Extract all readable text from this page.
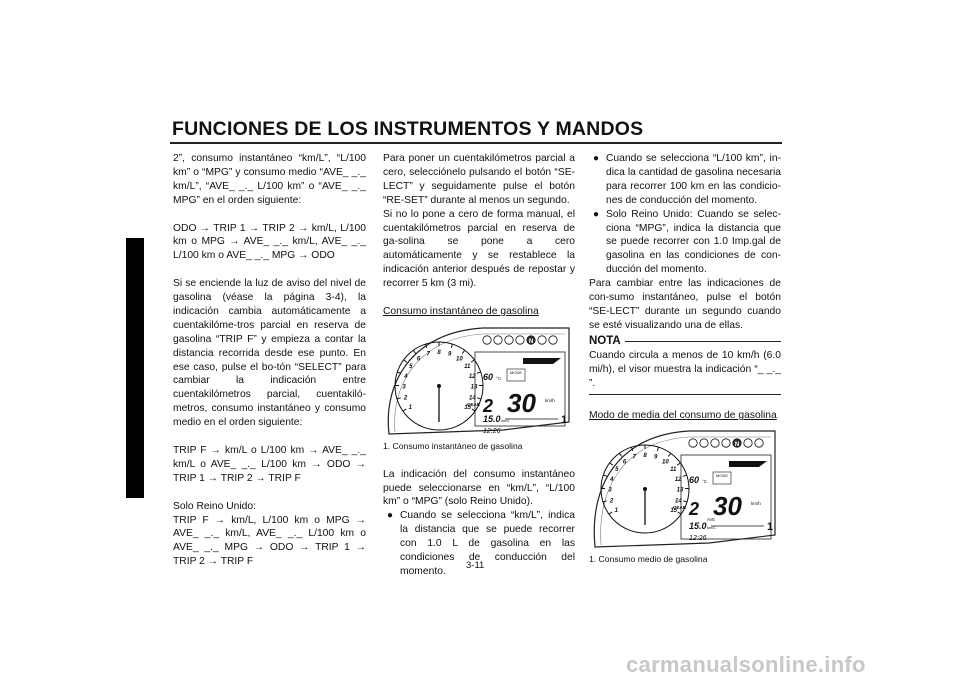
FUNCIONES DE LOS INSTRUMENTOS Y MANDOS
3

2”, consumo instantáneo “km/L”, “L/100 km” o “MPG” y consumo medio “AVE_ _._ km/L”, “AVE_ _._ L/100 km” o “AVE_ _._ MPG” en el orden siguiente:

ODO → TRIP 1 → TRIP 2 → km/L, L/100 km o MPG → AVE_ _._ km/L, AVE_ _._ L/100 km o AVE_ _._ MPG → ODO

Si se enciende la luz de aviso del nivel de gasolina (véase la página 3-4), la indicación cambia automáticamente a cuentakilóme-tros parcial en reserva de gasolina “TRIP F” y empieza a contar la distancia recorrida desde ese punto. En ese caso, pulse el bo-tón “SELECT” para cambiar la indicación entre cuentakilómetros parcial, cuentakiló-metros, consumo instantáneo y consumo medio en el orden siguiente:

TRIP F → km/L o L/100 km → AVE_ _._ km/L o AVE_ _._ L/100 km → ODO → TRIP 1 → TRIP 2 → TRIP F

Solo Reino Unido:

TRIP F → km/L, L/100 km o MPG → AVE_ _._ km/L, AVE_ _._ L/100 km o AVE_ _._ MPG → ODO → TRIP 1 → TRIP 2 → TRIP F

Para poner un cuentakilómetros parcial a cero, selecciónelo pulsando el botón “SE-LECT” y seguidamente pulse el botón “RE-SET” durante al menos un segundo.

Si no lo pone a cero de forma manual, el cuentakilómetros parcial en reserva de ga-solina se pone a cero automáticamente y se restablece la indicación anterior después de repostar y recorrer 5 km (3 mi).

Consumo instantáneo de gasolina

1
2
3
4
5
6
7 8 9
10
11
12
13
14
15
N
60 °C
MODE
GEAR 2 30 km/h
15.0 km/L
12:26
1

1. Consumo instantáneo de gasolina

La indicación del consumo instantáneo puede seleccionarse en “km/L”, “L/100 km” o “MPG” (solo Reino Unido).

● Cuando se selecciona “km/L”, indica la distancia que se puede recorrer con 1.0 L de gasolina en las condiciones de conducción del momento.
● Cuando se selecciona “L/100 km”, in-dica la cantidad de gasolina necesaria para recorrer 100 km en las condicio-nes de conducción del momento.
● Solo Reino Unido: Cuando se selec-ciona “MPG”, indica la distancia que se puede recorrer con 1.0 Imp.gal de gasolina en las condiciones de con-ducción del momento.

Para cambiar entre las indicaciones de con-sumo instantáneo, pulse el botón “SE-LECT” durante un segundo cuando se esté visualizando una de ellas.

NOTA

Cuando circula a menos de 10 km/h (6.0 mi/h), el visor muestra la indicación “_ _._ ”.

Modo de media del consumo de gasolina

1
2
3
4
5
6
7 8 9
10
11
12
13
14
15
N
60 °C
MODE
GEAR 2 30 km/h
AVE
15.0 km/L
12:26
1

1. Consumo medio de gasolina

3-11
carmanualsonline.info
